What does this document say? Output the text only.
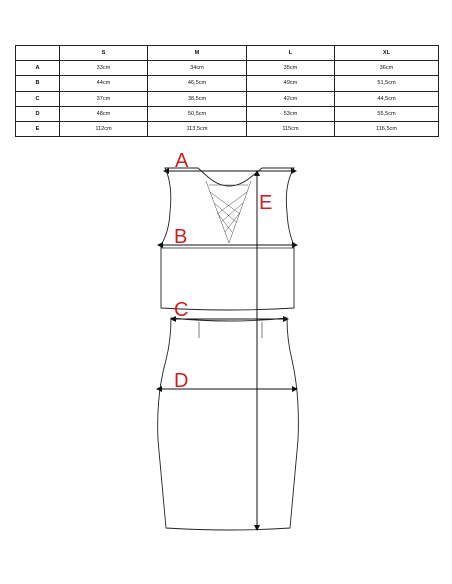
	S	M	L	XL
A	33cm	34cm	35cm	36cm
B	44cm	46,5cm	49cm	51,5cm
C	37cm	38,5cm	42cm	44,5cm
D	48cm	50,5cm	53cm	55,5cm
E	112cm	113,5cm	115cm	116,5cm
A
B
C
D
E
